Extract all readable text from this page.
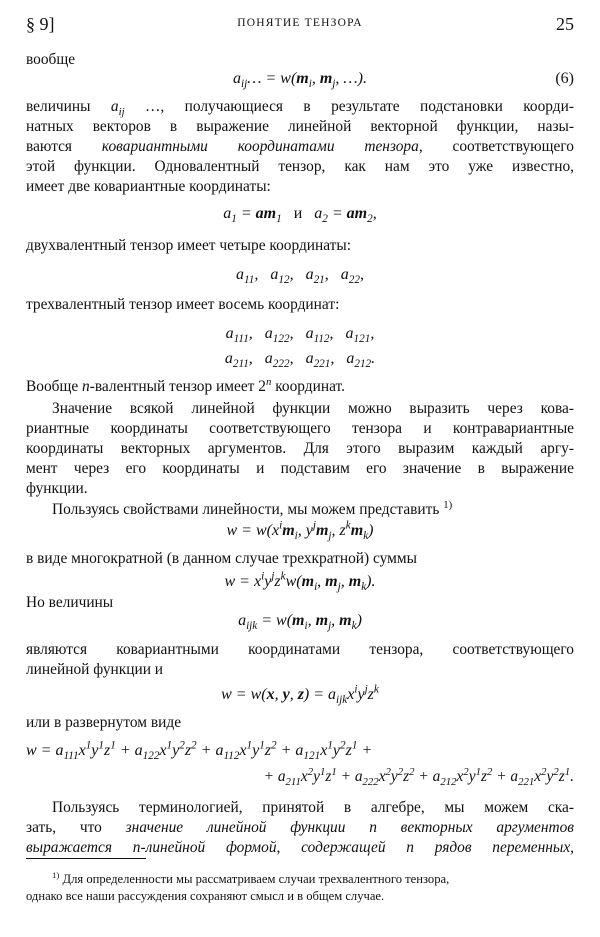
§ 9]	ПОНЯТИЕ ТЕНЗОРА	25
вообще
$a_{ij}\dots = w(m_i$, $m_j$, …).	(6)
величины $a_{ij}$ …, получающиеся в результате подстановки коорди-
натных векторов в выражение линейной векторной функции, назы-
ваются ковариантными координатами тензора, соответствующего
этой функции. Одновалентный тензор, как нам это уже известно,
имеет две ковариантные координаты:
$a_1 = am_1$ и   $a_2 = am_2$,
двухвалентный тензор имеет четыре координаты:
$a_{11}$,   $a_{12}$,   $a_{21}$,   $a_{22}$,
трехвалентный тензор имеет восемь координат:
$a_{111}$,   $a_{122}$,   $a_{112}$,   $a_{121}$,
$a_{211}$,   $a_{222}$,   $a_{221}$,   $a_{212}$.
Вообще n-валентный тензор имеет 2$^n$ координат.
Значение всякой линейной функции можно выразить через кова-
риантные координаты соответствующего тензора и контравариантные
координаты векторных аргументов. Для этого выразим каждый аргу-
мент через его координаты и подставим его значение в выражение
функции.
Пользуясь свойствами линейности, мы можем представить $^{1)}$
$w = w(x^im_i$, $y^jm_j$, $z^km_k$)
в виде многократной (в данном случае трехкратной) суммы
$w = x^iy^jz^kw(m_i$, $m_j$, $m_k$).
Но величины
$a_{ijk} = w(m_i$, $m_j$, $m_k$)
являются ковариантными координатами тензора, соответствующего
линейной функции и
w = w(x, y, $z) = a_{ijk}x^iy^jz^k$
или в развернутом виде
$w = a_{111}x^1y^1z^1 + a_{122}x^1y^2z^2 + a_{112}x^1y^1z^2 + a_{121}x^1y^2z^1$ +
+ $a_{211}x^2y^1z^1 + a_{222}x^2y^2z^2 + a_{212}x^2y^1z^2 + a_{221}x^2y^2z^1$.
Пользуясь терминологией, принятой в алгебре, мы можем ска-
зать, что значение линейной функции n векторных аргументов
выражается n-линейной формой, содержащей n рядов переменных,
$^{1)}$ Для определенности мы рассматриваем случаи трехвалентного тензора,
однако все наши рассуждения сохраняют смысл и в общем случае.
